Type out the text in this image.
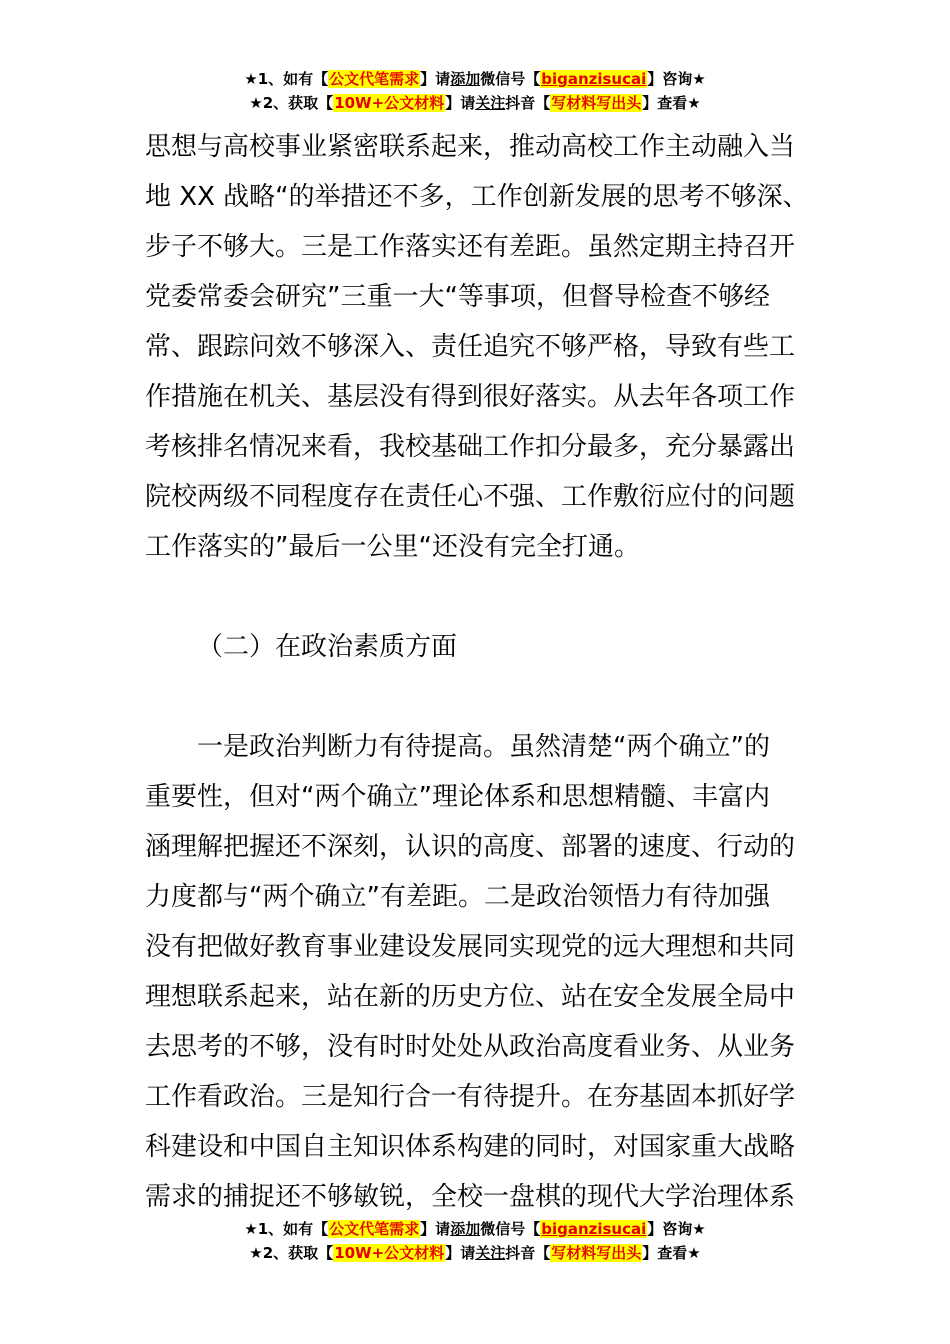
★1、如有【公文代笔需求】请添加微信号【biganzisucai】咨询★
★2、获取【10W+公文材料】请关注抖音【写材料写出头】查看★
思想与高校事业紧密联系起来，推动高校工作主动融入当
地 XX 战略“的举措还不多，工作创新发展的思考不够深、
步子不够大。三是工作落实还有差距。虽然定期主持召开
党委常委会研究”三重一大“等事项，但督导检查不够经
常、跟踪问效不够深入、责任追究不够严格，导致有些工
作措施在机关、基层没有得到很好落实。从去年各项工作
考核排名情况来看，我校基础工作扣分最多，充分暴露出
院校两级不同程度存在责任心不强、工作敷衍应付的问题
工作落实的”最后一公里“还没有完全打通。
（二）在政治素质方面
一是政治判断力有待提高。虽然清楚“两个确立”的
重要性，但对“两个确立”理论体系和思想精髓、丰富内
涵理解把握还不深刻，认识的高度、部署的速度、行动的
力度都与“两个确立”有差距。二是政治领悟力有待加强
没有把做好教育事业建设发展同实现党的远大理想和共同
理想联系起来，站在新的历史方位、站在安全发展全局中
去思考的不够，没有时时处处从政治高度看业务、从业务
工作看政治。三是知行合一有待提升。在夯基固本抓好学
科建设和中国自主知识体系构建的同时，对国家重大战略
需求的捕捉还不够敏锐，全校一盘棋的现代大学治理体系
★1、如有【公文代笔需求】请添加微信号【biganzisucai】咨询★
★2、获取【10W+公文材料】请关注抖音【写材料写出头】查看★
